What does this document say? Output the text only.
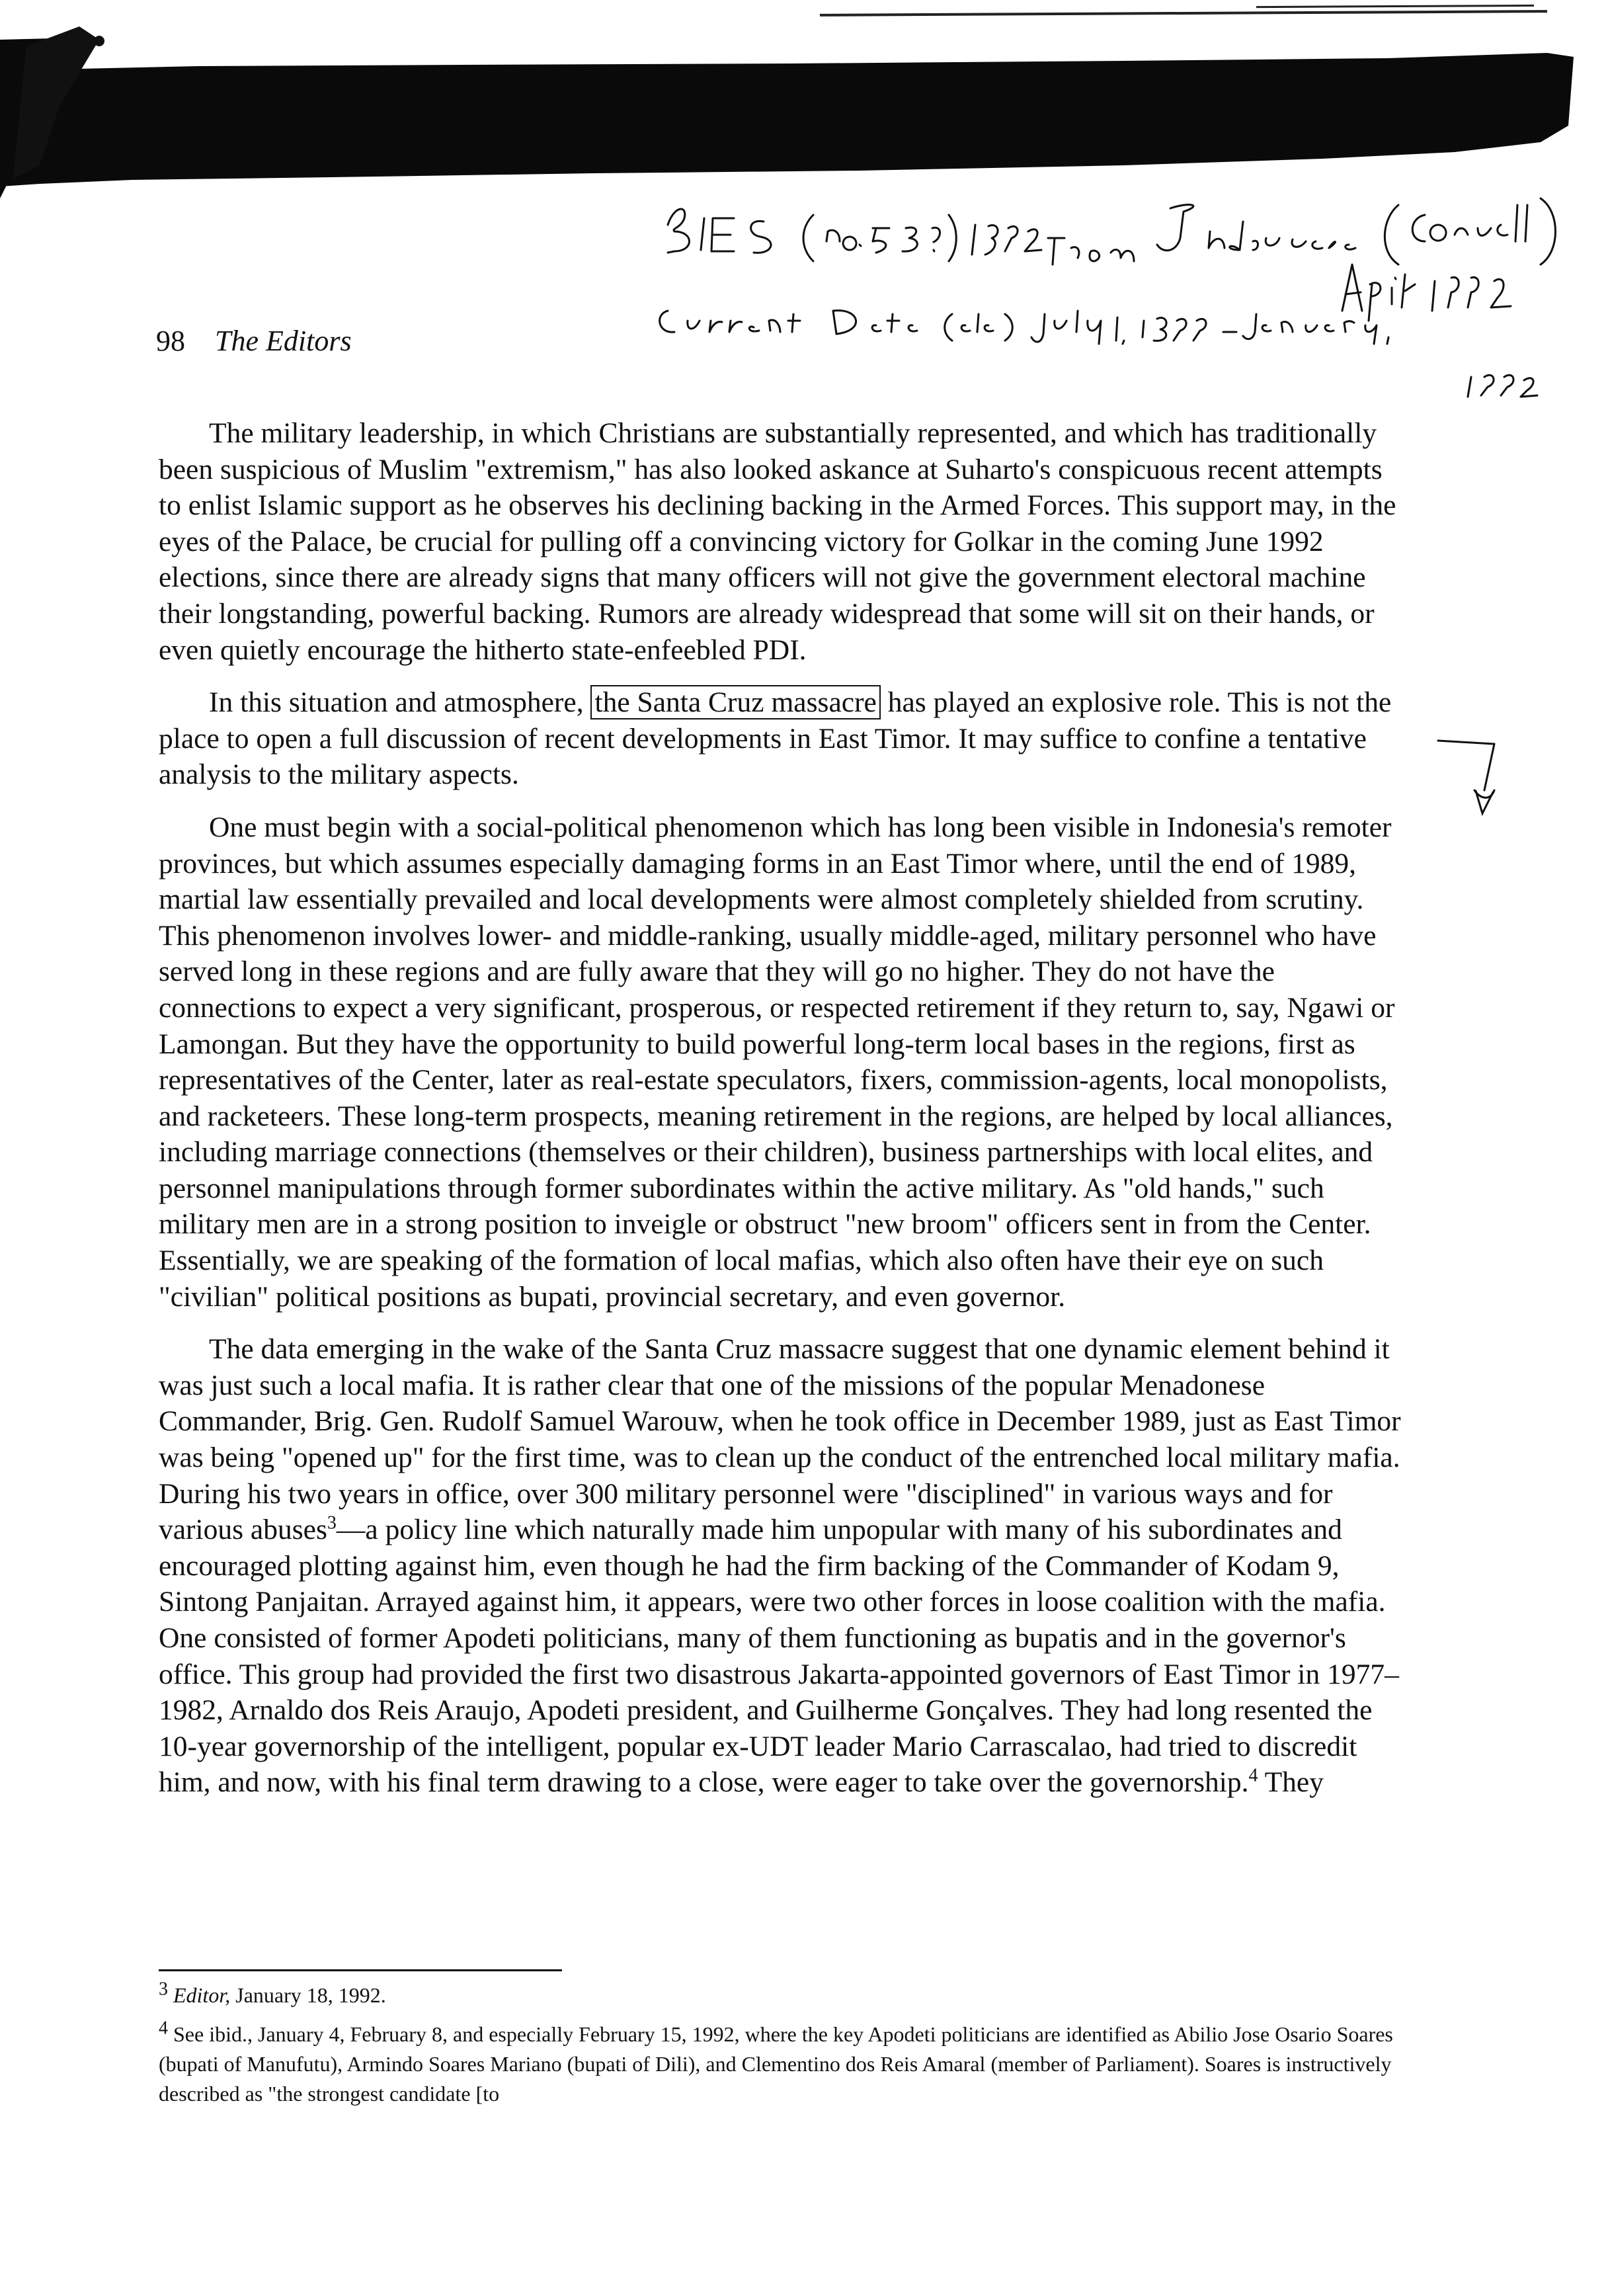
98 The Editors

The military leadership, in which Christians are substantially represented, and which has traditionally been suspicious of Muslim "extremism," has also looked askance at Suharto's conspicuous recent attempts to enlist Islamic support as he observes his declining backing in the Armed Forces. This support may, in the eyes of the Palace, be crucial for pulling off a convincing victory for Golkar in the coming June 1992 elections, since there are already signs that many officers will not give the government electoral machine their longstanding, powerful backing. Rumors are already widespread that some will sit on their hands, or even quietly encourage the hitherto state-enfeebled PDI.

In this situation and atmosphere, the Santa Cruz massacre has played an explosive role. This is not the place to open a full discussion of recent developments in East Timor. It may suffice to confine a tentative analysis to the military aspects.

One must begin with a social-political phenomenon which has long been visible in Indonesia's remoter provinces, but which assumes especially damaging forms in an East Timor where, until the end of 1989, martial law essentially prevailed and local developments were almost completely shielded from scrutiny. This phenomenon involves lower- and middle-ranking, usually middle-aged, military personnel who have served long in these regions and are fully aware that they will go no higher. They do not have the connections to expect a very significant, prosperous, or respected retirement if they return to, say, Ngawi or Lamongan. But they have the opportunity to build powerful long-term local bases in the regions, first as representatives of the Center, later as real-estate speculators, fixers, commission-agents, local monopolists, and racketeers. These long-term prospects, meaning retirement in the regions, are helped by local alliances, including marriage connections (themselves or their children), business partnerships with local elites, and personnel manipulations through former subordinates within the active military. As "old hands," such military men are in a strong position to inveigle or obstruct "new broom" officers sent in from the Center. Essentially, we are speaking of the formation of local mafias, which also often have their eye on such "civilian" political positions as bupati, provincial secretary, and even governor.

The data emerging in the wake of the Santa Cruz massacre suggest that one dynamic element behind it was just such a local mafia. It is rather clear that one of the missions of the popular Menadonese Commander, Brig. Gen. Rudolf Samuel Warouw, when he took office in December 1989, just as East Timor was being "opened up" for the first time, was to clean up the conduct of the entrenched local military mafia. During his two years in office, over 300 military personnel were "disciplined" in various ways and for various abuses$^3$—a policy line which naturally made him unpopular with many of his subordinates and encouraged plotting against him, even though he had the firm backing of the Commander of Kodam 9, Sintong Panjaitan. Arrayed against him, it appears, were two other forces in loose coalition with the mafia. One consisted of former Apodeti politicians, many of them functioning as bupatis and in the governor's office. This group had provided the first two disastrous Jakarta-appointed governors of East Timor in 1977–1982, Arnaldo dos Reis Araujo, Apodeti president, and Guilherme Gonçalves. They had long resented the 10-year governorship of the intelligent, popular ex-UDT leader Mario Carrascalao, had tried to discredit him, and now, with his final term drawing to a close, were eager to take over the governorship.$^4$ They

$^3$ Editor, January 18, 1992.

$^4$ See ibid., January 4, February 8, and especially February 15, 1992, where the key Apodeti politicians are identified as Abilio Jose Osario Soares (bupati of Manufutu), Armindo Soares Mariano (bupati of Dili), and Clementino dos Reis Amaral (member of Parliament). Soares is instructively described as "the strongest candidate [to
